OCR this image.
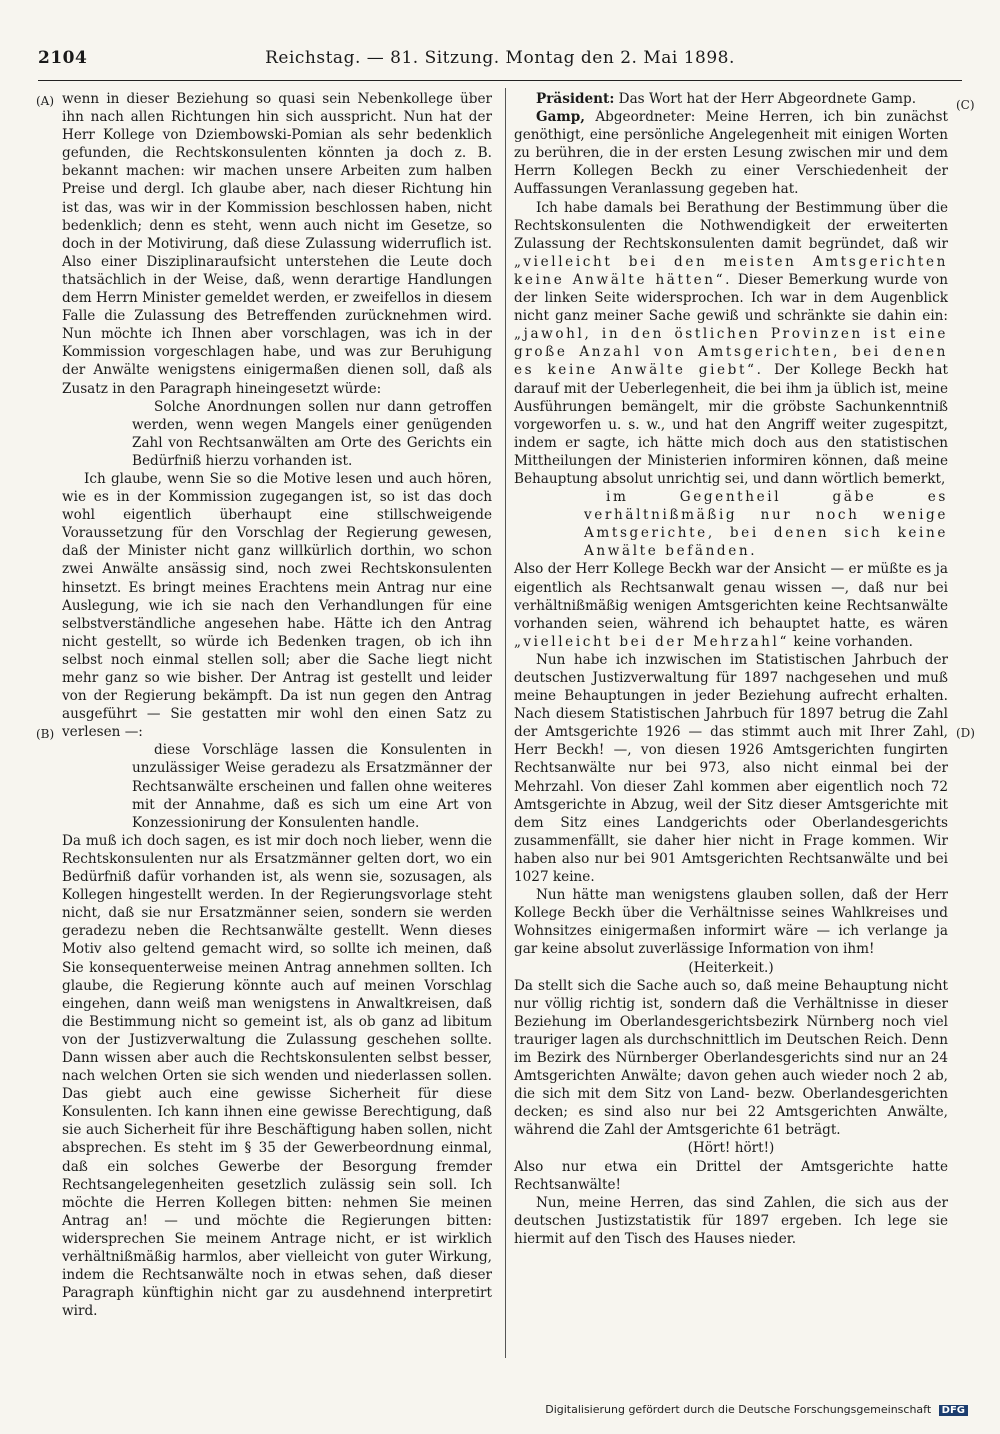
2104	Reichstag. — 81. Sitzung. Montag den 2. Mai 1898.
(A)
(B)
(C)
(D)

wenn in dieser Beziehung so quasi sein Nebenkollege über ihn nach allen Richtungen hin sich ausspricht. Nun hat der Herr Kollege von Dziembowski-Pomian als sehr bedenklich gefunden, die Rechtskonsulenten könnten ja doch z. B. bekannt machen: wir machen unsere Arbeiten zum halben Preise und dergl. Ich glaube aber, nach dieser Richtung hin ist das, was wir in der Kommission beschlossen haben, nicht bedenklich; denn es steht, wenn auch nicht im Gesetze, so doch in der Motivirung, daß diese Zulassung widerruflich ist. Also einer Disziplinaraufsicht unterstehen die Leute doch thatsächlich in der Weise, daß, wenn derartige Handlungen dem Herrn Minister gemeldet werden, er zweifellos in diesem Falle die Zulassung des Betreffenden zurücknehmen wird. Nun möchte ich Ihnen aber vorschlagen, was ich in der Kommission vorgeschlagen habe, und was zur Beruhigung der Anwälte wenigstens einigermaßen dienen soll, daß als Zusatz in den Paragraph hineingesetzt würde:

Solche Anordnungen sollen nur dann getroffen werden, wenn wegen Mangels einer genügenden Zahl von Rechtsanwälten am Orte des Gerichts ein Bedürfniß hierzu vorhanden ist.

Ich glaube, wenn Sie so die Motive lesen und auch hören, wie es in der Kommission zugegangen ist, so ist das doch wohl eigentlich überhaupt eine stillschweigende Voraussetzung für den Vorschlag der Regierung gewesen, daß der Minister nicht ganz willkürlich dorthin, wo schon zwei Anwälte ansässig sind, noch zwei Rechtskonsulenten hinsetzt. Es bringt meines Erachtens mein Antrag nur eine Auslegung, wie ich sie nach den Verhandlungen für eine selbstverständliche angesehen habe. Hätte ich den Antrag nicht gestellt, so würde ich Bedenken tragen, ob ich ihn selbst noch einmal stellen soll; aber die Sache liegt nicht mehr ganz so wie bisher. Der Antrag ist gestellt und leider von der Regierung bekämpft. Da ist nun gegen den Antrag ausgeführt — Sie gestatten mir wohl den einen Satz zu verlesen —:

diese Vorschläge lassen die Konsulenten in unzulässiger Weise geradezu als Ersatzmänner der Rechtsanwälte erscheinen und fallen ohne weiteres mit der Annahme, daß es sich um eine Art von Konzessionirung der Konsulenten handle.

Da muß ich doch sagen, es ist mir doch noch lieber, wenn die Rechtskonsulenten nur als Ersatzmänner gelten dort, wo ein Bedürfniß dafür vorhanden ist, als wenn sie, sozusagen, als Kollegen hingestellt werden. In der Regierungsvorlage steht nicht, daß sie nur Ersatzmänner seien, sondern sie werden geradezu neben die Rechtsanwälte gestellt. Wenn dieses Motiv also geltend gemacht wird, so sollte ich meinen, daß Sie konsequenterweise meinen Antrag annehmen sollten. Ich glaube, die Regierung könnte auch auf meinen Vorschlag eingehen, dann weiß man wenigstens in Anwaltkreisen, daß die Bestimmung nicht so gemeint ist, als ob ganz ad libitum von der Justizverwaltung die Zulassung geschehen sollte. Dann wissen aber auch die Rechtskonsulenten selbst besser, nach welchen Orten sie sich wenden und niederlassen sollen. Das giebt auch eine gewisse Sicherheit für diese Konsulenten. Ich kann ihnen eine gewisse Berechtigung, daß sie auch Sicherheit für ihre Beschäftigung haben sollen, nicht absprechen. Es steht im § 35 der Gewerbeordnung einmal, daß ein solches Gewerbe der Besorgung fremder Rechtsangelegenheiten gesetzlich zulässig sein soll. Ich möchte die Herren Kollegen bitten: nehmen Sie meinen Antrag an! — und möchte die Regierungen bitten: widersprechen Sie meinem Antrage nicht, er ist wirklich verhältnißmäßig harmlos, aber vielleicht von guter Wirkung, indem die Rechtsanwälte noch in etwas sehen, daß dieser Paragraph künftighin nicht gar zu ausdehnend interpretirt wird.

Präsident: Das Wort hat der Herr Abgeordnete Gamp.

Gamp, Abgeordneter: Meine Herren, ich bin zunächst genöthigt, eine persönliche Angelegenheit mit einigen Worten zu berühren, die in der ersten Lesung zwischen mir und dem Herrn Kollegen Beckh zu einer Verschiedenheit der Auffassungen Veranlassung gegeben hat.

Ich habe damals bei Berathung der Bestimmung über die Rechtskonsulenten die Nothwendigkeit der erweiterten Zulassung der Rechtskonsulenten damit begründet, daß wir „vielleicht bei den meisten Amtsgerichten keine Anwälte hätten“. Dieser Bemerkung wurde von der linken Seite widersprochen. Ich war in dem Augenblick nicht ganz meiner Sache gewiß und schränkte sie dahin ein: „jawohl, in den östlichen Provinzen ist eine große Anzahl von Amtsgerichten, bei denen es keine Anwälte giebt“. Der Kollege Beckh hat darauf mit der Ueberlegenheit, die bei ihm ja üblich ist, meine Ausführungen bemängelt, mir die gröbste Sachunkenntniß vorgeworfen u. s. w., und hat den Angriff weiter zugespitzt, indem er sagte, ich hätte mich doch aus den statistischen Mittheilungen der Ministerien informiren können, daß meine Behauptung absolut unrichtig sei, und dann wörtlich bemerkt,

im Gegentheil gäbe es verhältnißmäßig nur noch wenige Amtsgerichte, bei denen sich keine Anwälte befänden.

Also der Herr Kollege Beckh war der Ansicht — er müßte es ja eigentlich als Rechtsanwalt genau wissen —, daß nur bei verhältnißmäßig wenigen Amtsgerichten keine Rechtsanwälte vorhanden seien, während ich behauptet hatte, es wären „vielleicht bei der Mehrzahl“ keine vorhanden.

Nun habe ich inzwischen im Statistischen Jahrbuch der deutschen Justizverwaltung für 1897 nachgesehen und muß meine Behauptungen in jeder Beziehung aufrecht erhalten. Nach diesem Statistischen Jahrbuch für 1897 betrug die Zahl der Amtsgerichte 1926 — das stimmt auch mit Ihrer Zahl, Herr Beckh! —, von diesen 1926 Amtsgerichten fungirten Rechtsanwälte nur bei 973, also nicht einmal bei der Mehrzahl. Von dieser Zahl kommen aber eigentlich noch 72 Amtsgerichte in Abzug, weil der Sitz dieser Amtsgerichte mit dem Sitz eines Landgerichts oder Oberlandesgerichts zusammenfällt, sie daher hier nicht in Frage kommen. Wir haben also nur bei 901 Amtsgerichten Rechtsanwälte und bei 1027 keine.

Nun hätte man wenigstens glauben sollen, daß der Herr Kollege Beckh über die Verhältnisse seines Wahlkreises und Wohnsitzes einigermaßen informirt wäre — ich verlange ja gar keine absolut zuverlässige Information von ihm!

(Heiterkeit.)

Da stellt sich die Sache auch so, daß meine Behauptung nicht nur völlig richtig ist, sondern daß die Verhältnisse in dieser Beziehung im Oberlandesgerichtsbezirk Nürnberg noch viel trauriger lagen als durchschnittlich im Deutschen Reich. Denn im Bezirk des Nürnberger Oberlandesgerichts sind nur an 24 Amtsgerichten Anwälte; davon gehen auch wieder noch 2 ab, die sich mit dem Sitz von Land- bezw. Oberlandesgerichten decken; es sind also nur bei 22 Amtsgerichten Anwälte, während die Zahl der Amtsgerichte 61 beträgt.

(Hört! hört!)

Also nur etwa ein Drittel der Amtsgerichte hatte Rechtsanwälte!

Nun, meine Herren, das sind Zahlen, die sich aus der deutschen Justizstatistik für 1897 ergeben. Ich lege sie hiermit auf den Tisch des Hauses nieder.

Digitalisierung gefördert durch die Deutsche Forschungsgemeinschaft DFG
